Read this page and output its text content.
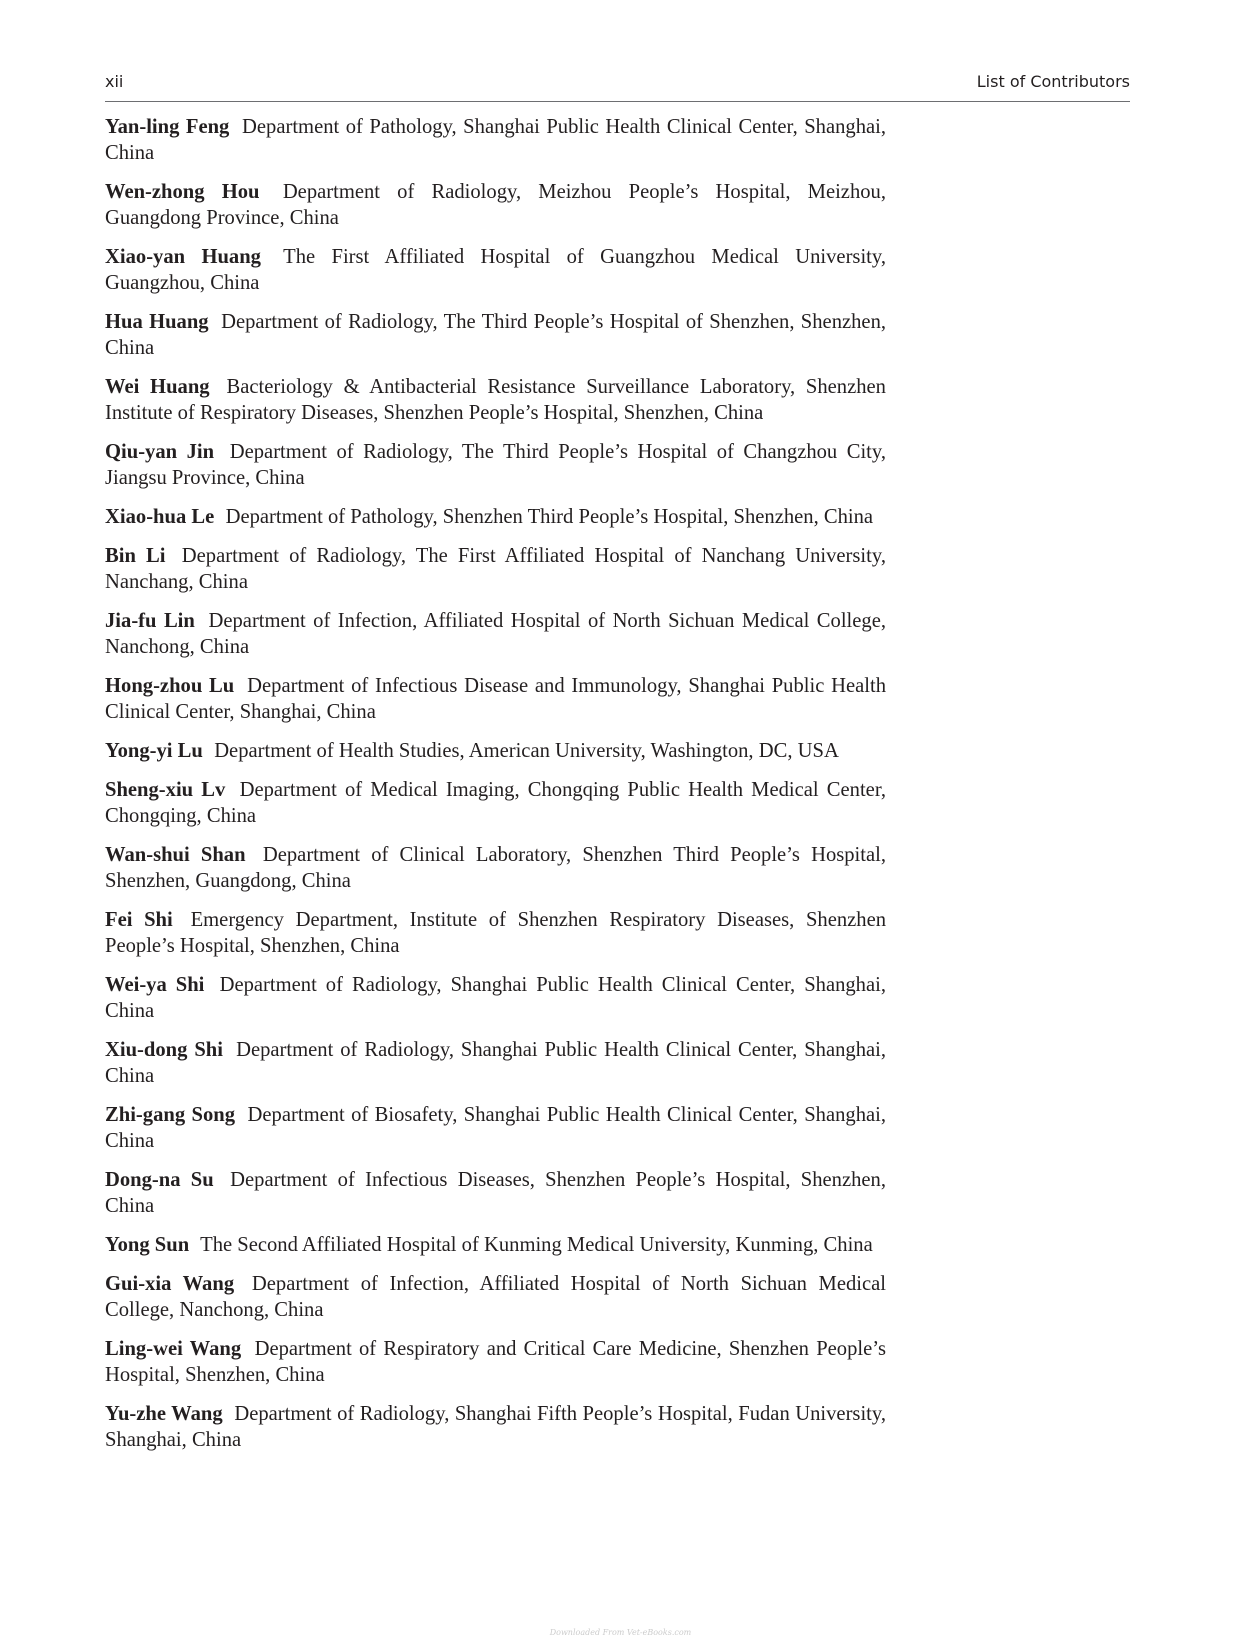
xii	List of Contributors

Yan-ling Feng Department of Pathology, Shanghai Public Health Clinical Center, Shanghai, China

Wen-zhong Hou Department of Radiology, Meizhou People’s Hospital, Meizhou, Guangdong Province, China

Xiao-yan Huang The First Affiliated Hospital of Guangzhou Medical University, Guangzhou, China

Hua Huang Department of Radiology, The Third People’s Hospital of Shenzhen, Shenzhen, China

Wei Huang Bacteriology & Antibacterial Resistance Surveillance Laboratory, Shenzhen Institute of Respiratory Diseases, Shenzhen People’s Hospital, Shenzhen, China

Qiu-yan Jin Department of Radiology, The Third People’s Hospital of Changzhou City, Jiangsu Province, China

Xiao-hua Le Department of Pathology, Shenzhen Third People’s Hospital, Shenzhen, China

Bin Li Department of Radiology, The First Affiliated Hospital of Nanchang University, Nanchang, China

Jia-fu Lin Department of Infection, Affiliated Hospital of North Sichuan Medical College, Nanchong, China

Hong-zhou Lu Department of Infectious Disease and Immunology, Shanghai Public Health Clinical Center, Shanghai, China

Yong-yi Lu Department of Health Studies, American University, Washington, DC, USA

Sheng-xiu Lv Department of Medical Imaging, Chongqing Public Health Medical Center, Chongqing, China

Wan-shui Shan Department of Clinical Laboratory, Shenzhen Third People’s Hospital, Shenzhen, Guangdong, China

Fei Shi Emergency Department, Institute of Shenzhen Respiratory Diseases, Shenzhen People’s Hospital, Shenzhen, China

Wei-ya Shi Department of Radiology, Shanghai Public Health Clinical Center, Shanghai, China

Xiu-dong Shi Department of Radiology, Shanghai Public Health Clinical Center, Shanghai, China

Zhi-gang Song Department of Biosafety, Shanghai Public Health Clinical Center, Shanghai, China

Dong-na Su Department of Infectious Diseases, Shenzhen People’s Hospital, Shenzhen, China

Yong Sun The Second Affiliated Hospital of Kunming Medical University, Kunming, China

Gui-xia Wang Department of Infection, Affiliated Hospital of North Sichuan Medical College, Nanchong, China

Ling-wei Wang Department of Respiratory and Critical Care Medicine, Shenzhen People’s Hospital, Shenzhen, China

Yu-zhe Wang Department of Radiology, Shanghai Fifth People’s Hospital, Fudan University, Shanghai, China

Downloaded From Vet-eBooks.com
